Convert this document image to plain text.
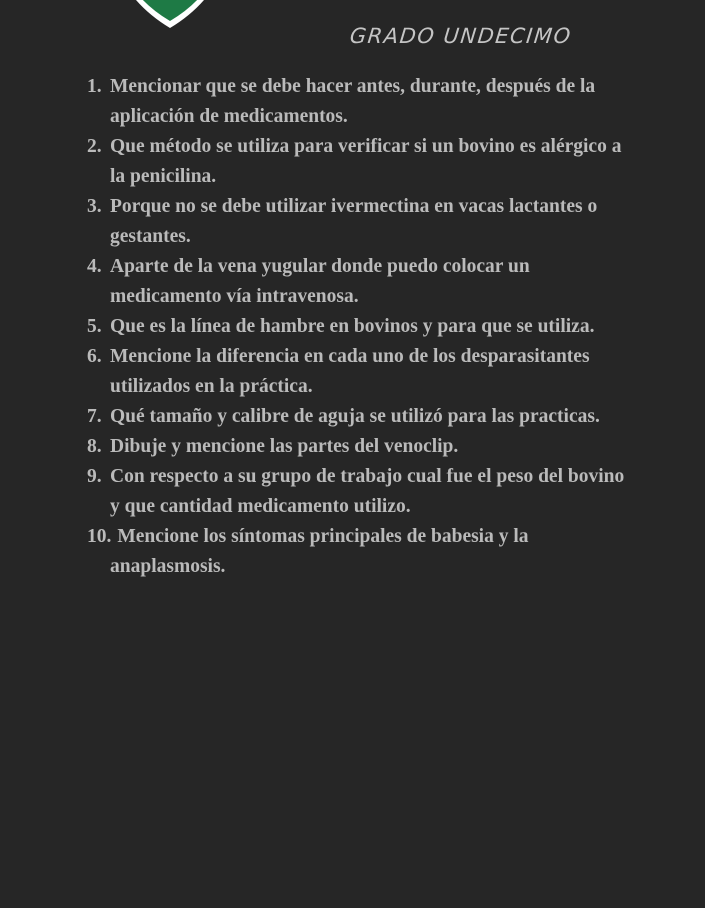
GRADO UNDECIMO
1. Mencionar que se debe hacer antes, durante, después de la aplicación de medicamentos.
2. Que método se utiliza para verificar si un bovino es alérgico a la penicilina.
3. Porque no se debe utilizar ivermectina en vacas lactantes o gestantes.
4. Aparte de la vena yugular donde puedo colocar un medicamento vía intravenosa.
5. Que es la línea de hambre en bovinos y para que se utiliza.
6. Mencione la diferencia en cada uno de los desparasitantes utilizados en la práctica.
7. Qué tamaño y calibre de aguja se utilizó para las practicas.
8. Dibuje y mencione las partes del venoclip.
9. Con respecto a su grupo de trabajo cual fue el peso del bovino y que cantidad medicamento utilizo.
10. Mencione los síntomas principales de babesia y la anaplasmosis.
